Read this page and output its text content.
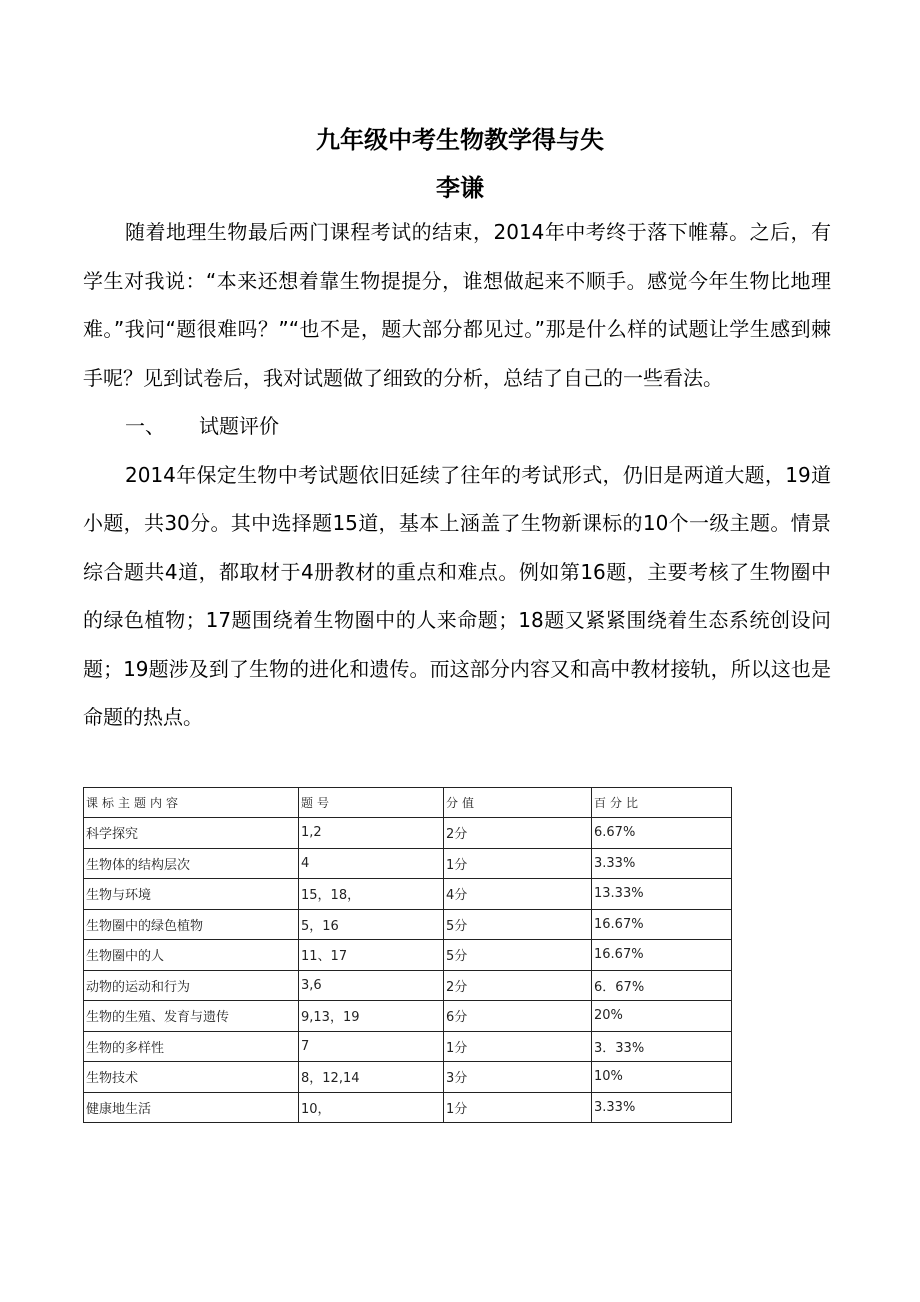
九年级中考生物教学得与失
李谦

随着地理生物最后两门课程考试的结束，2014年中考终于落下帷幕。之后，有学生对我说：“本来还想着靠生物提提分，谁想做起来不顺手。感觉今年生物比地理难。”我问“题很难吗？”“也不是，题大部分都见过。”那是什么样的试题让学生感到棘手呢？见到试卷后，我对试题做了细致的分析，总结了自己的一些看法。

一、 试题评价

2014年保定生物中考试题依旧延续了往年的考试形式，仍旧是两道大题，19道小题，共30分。其中选择题15道，基本上涵盖了生物新课标的10个一级主题。情景综合题共4道，都取材于4册教材的重点和难点。例如第16题，主要考核了生物圈中的绿色植物；17题围绕着生物圈中的人来命题；18题又紧紧围绕着生态系统创设问题；19题涉及到了生物的进化和遗传。而这部分内容又和高中教材接轨，所以这也是命题的热点。

课标主题内容	题号	分值	百分比
科学探究	1,2	2分	6.67%
生物体的结构层次	4	1分	3.33%
生物与环境	15，18，	4分	13.33%
生物圈中的绿色植物	5，16	5分	16.67%
生物圈中的人	11、17	5分	16.67%
动物的运动和行为	3,6	2分	6．67%
生物的生殖、发育与遗传	9,13，19	6分	20%
生物的多样性	7	1分	3．33%
生物技术	8，12,14	3分	10%
健康地生活	10，	1分	3.33%
